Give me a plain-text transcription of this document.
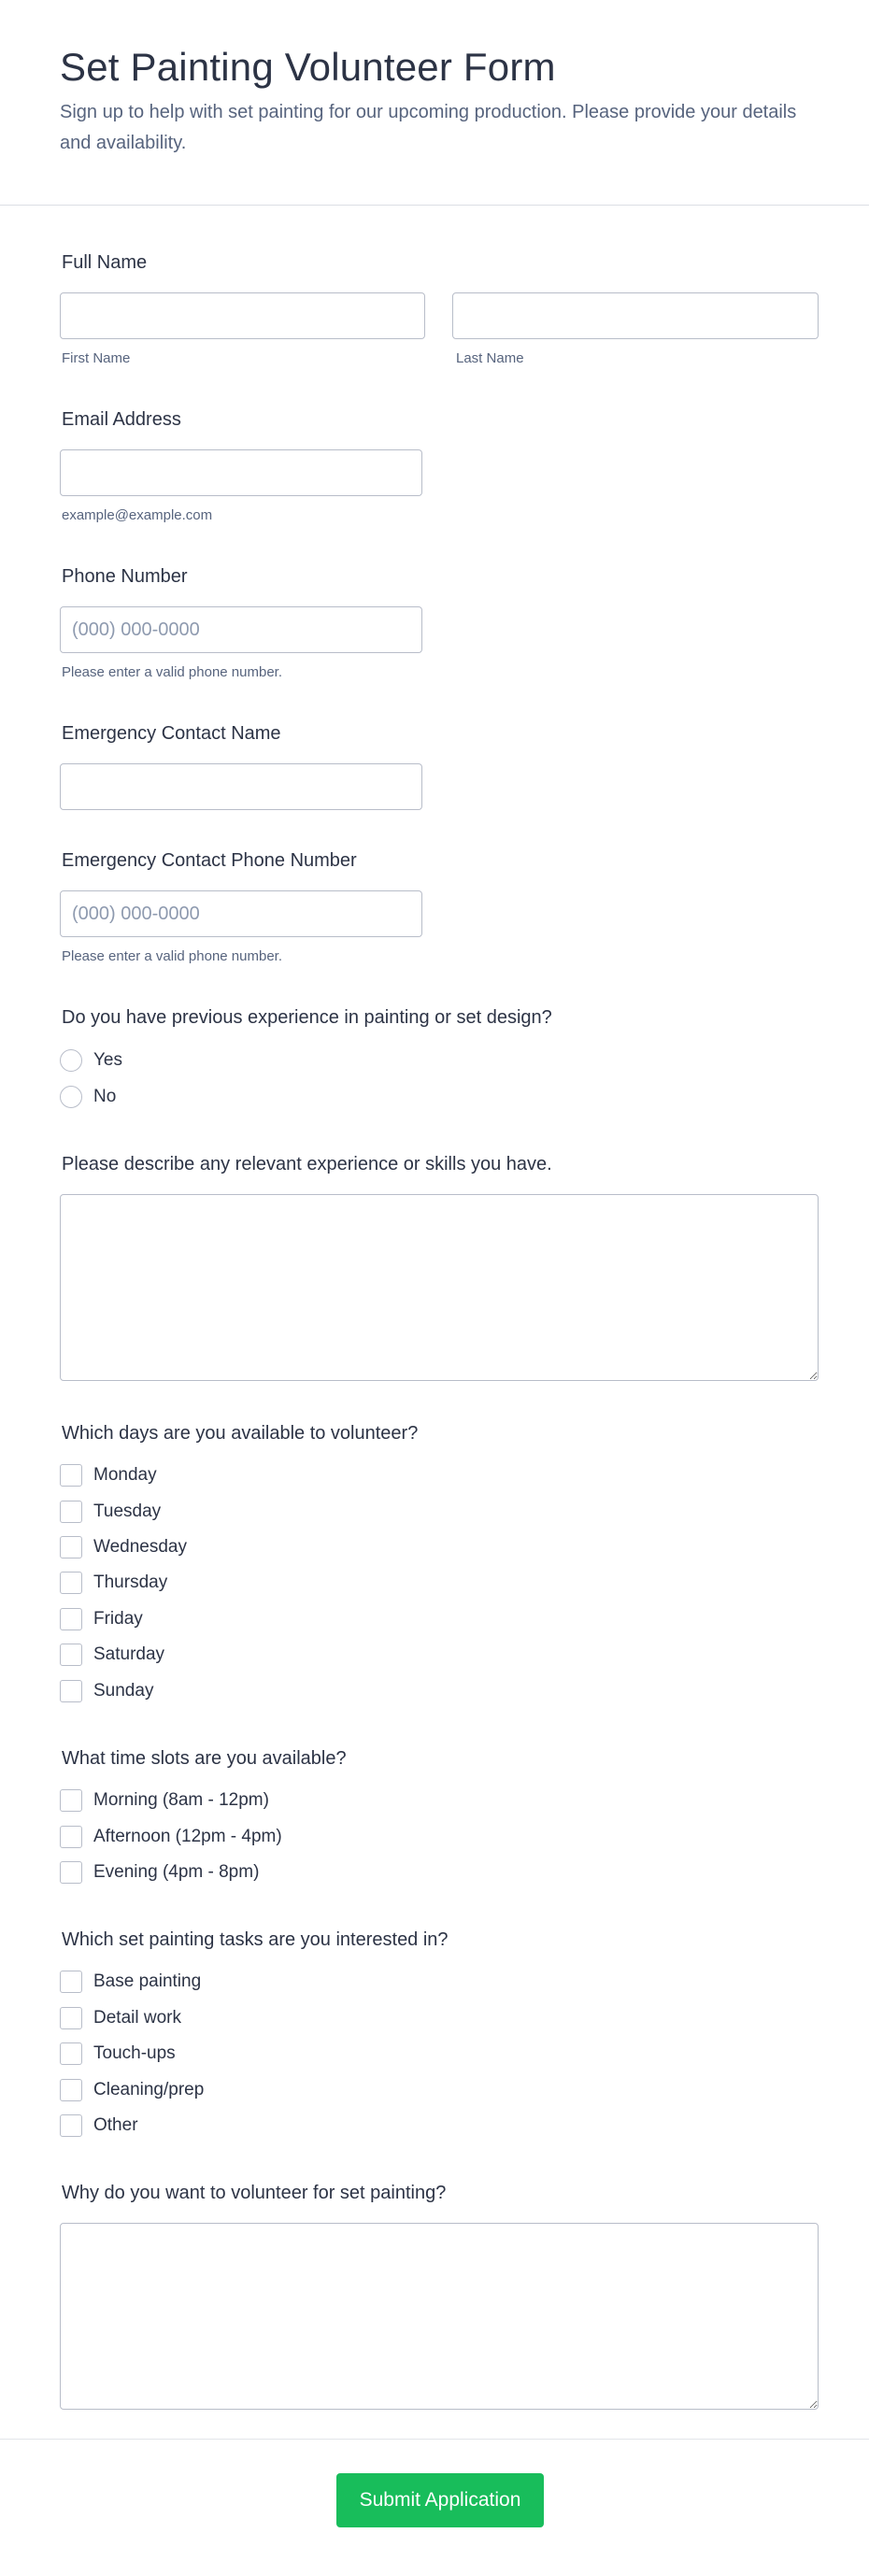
Set Painting Volunteer Form

Sign up to help with set painting for our upcoming production. Please provide your details and availability.

Full Name
First Name	Last Name
Email Address
example@example.com
Phone Number
(000) 000-0000
Please enter a valid phone number.
Emergency Contact Name
Emergency Contact Phone Number
(000) 000-0000
Please enter a valid phone number.
Do you have previous experience in painting or set design?
Yes
No
Please describe any relevant experience or skills you have.
Which days are you available to volunteer?
Monday
Tuesday
Wednesday
Thursday
Friday
Saturday
Sunday
What time slots are you available?
Morning (8am - 12pm)
Afternoon (12pm - 4pm)
Evening (4pm - 8pm)
Which set painting tasks are you interested in?
Base painting
Detail work
Touch-ups
Cleaning/prep
Other
Why do you want to volunteer for set painting?
Submit Application
